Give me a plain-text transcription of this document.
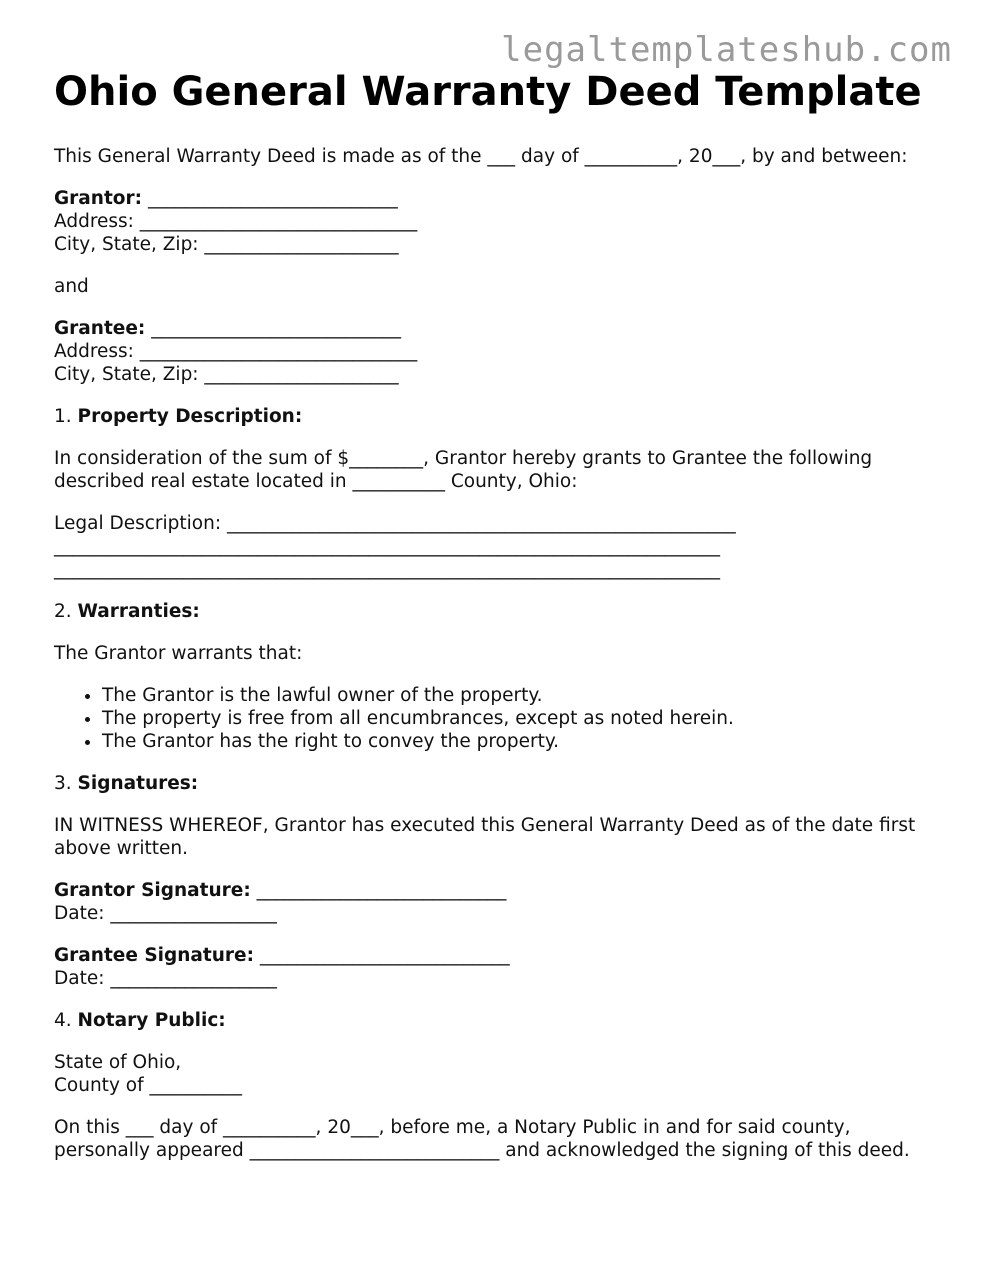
legaltemplateshub.com
Ohio General Warranty Deed Template

This General Warranty Deed is made as of the ___ day of __________, 20___, by and between:

Grantor: ___________________________
Address: ______________________________
City, State, Zip: _____________________

and

Grantee: ___________________________
Address: ______________________________
City, State, Zip: _____________________

1. Property Description:

In consideration of the sum of $________, Grantor hereby grants to Grantee the following described real estate located in __________ County, Ohio:

Legal Description: _______________________________________________________
________________________________________________________________________
________________________________________________________________________

2. Warranties:

The Grantor warrants that:

• The Grantor is the lawful owner of the property.
• The property is free from all encumbrances, except as noted herein.
• The Grantor has the right to convey the property.

3. Signatures:

IN WITNESS WHEREOF, Grantor has executed this General Warranty Deed as of the date first above written.

Grantor Signature: ___________________________
Date: __________________
Grantee Signature: ___________________________
Date: __________________

4. Notary Public:

State of Ohio,
County of __________

On this ___ day of __________, 20___, before me, a Notary Public in and for said county, personally appeared ___________________________ and acknowledged the signing of this deed.
